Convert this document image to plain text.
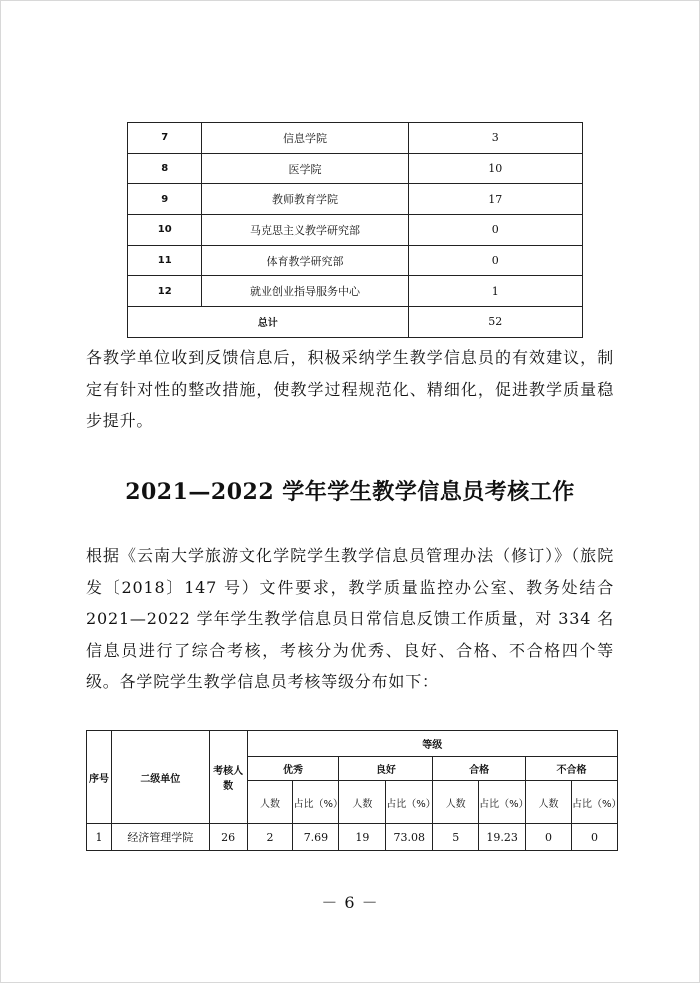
7	信息学院	3
8	医学院	10
9	教师教育学院	17
10	马克思主义教学研究部	0
11	体育教学研究部	0
12	就业创业指导服务中心	1
总计		52

各教学单位收到反馈信息后，积极采纳学生教学信息员的有效建议，制定有针对性的整改措施，使教学过程规范化、精细化，促进教学质量稳步提升。

2021—2022 学年学生教学信息员考核工作

根据《云南大学旅游文化学院学生教学信息员管理办法（修订）》（旅院发〔2018〕147 号）文件要求，教学质量监控办公室、教务处结合 2021—2022 学年学生教学信息员日常信息反馈工作质量，对 334 名信息员进行了综合考核，考核分为优秀、良好、合格、不合格四个等级。各学院学生教学信息员考核等级分布如下：

序号	二级单位	考核人数	等级							
			优秀		良好		合格		不合格	
			人数	占比（%）	人数	占比（%）	人数	占比（%）	人数	占比（%）
1	经济管理学院	26	2	7.69	19	73.08	5	19.23	0	0
－ 6 －
